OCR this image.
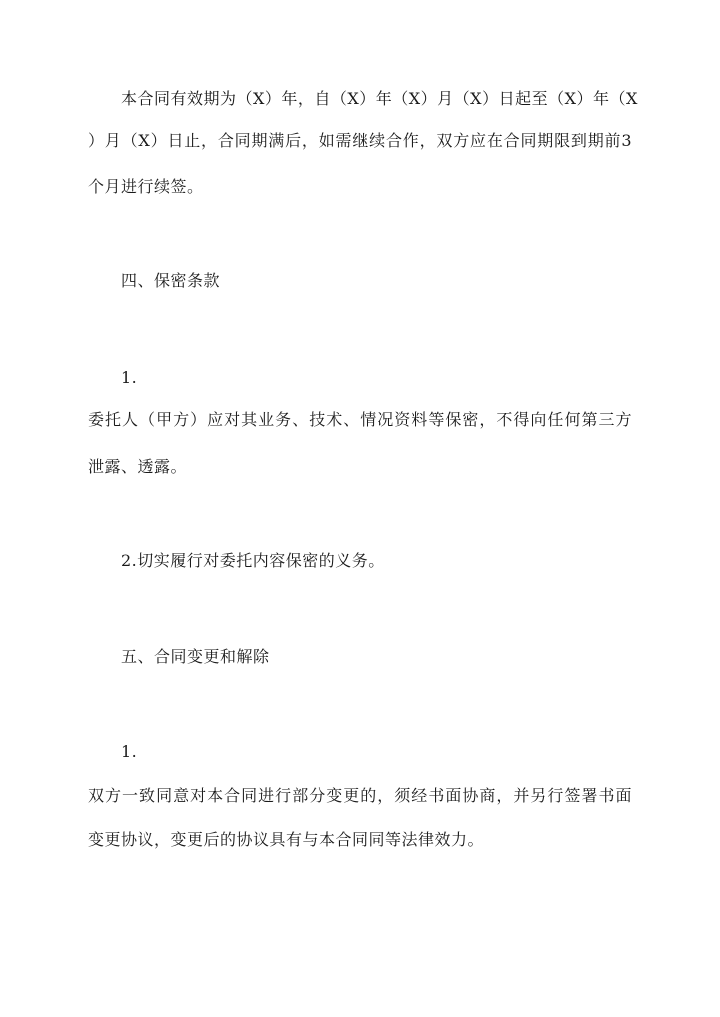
本合同有效期为（X）年，自（X）年（X）月（X）日起至（X）年（X
）月（X）日止，合同期满后，如需继续合作，双方应在合同期限到期前3
个月进行续签。
四、保密条款
1.
委托人（甲方）应对其业务、技术、情况资料等保密，不得向任何第三方
泄露、透露。
2.切实履行对委托内容保密的义务。
五、合同变更和解除
1.
双方一致同意对本合同进行部分变更的，须经书面协商，并另行签署书面
变更协议，变更后的协议具有与本合同同等法律效力。
